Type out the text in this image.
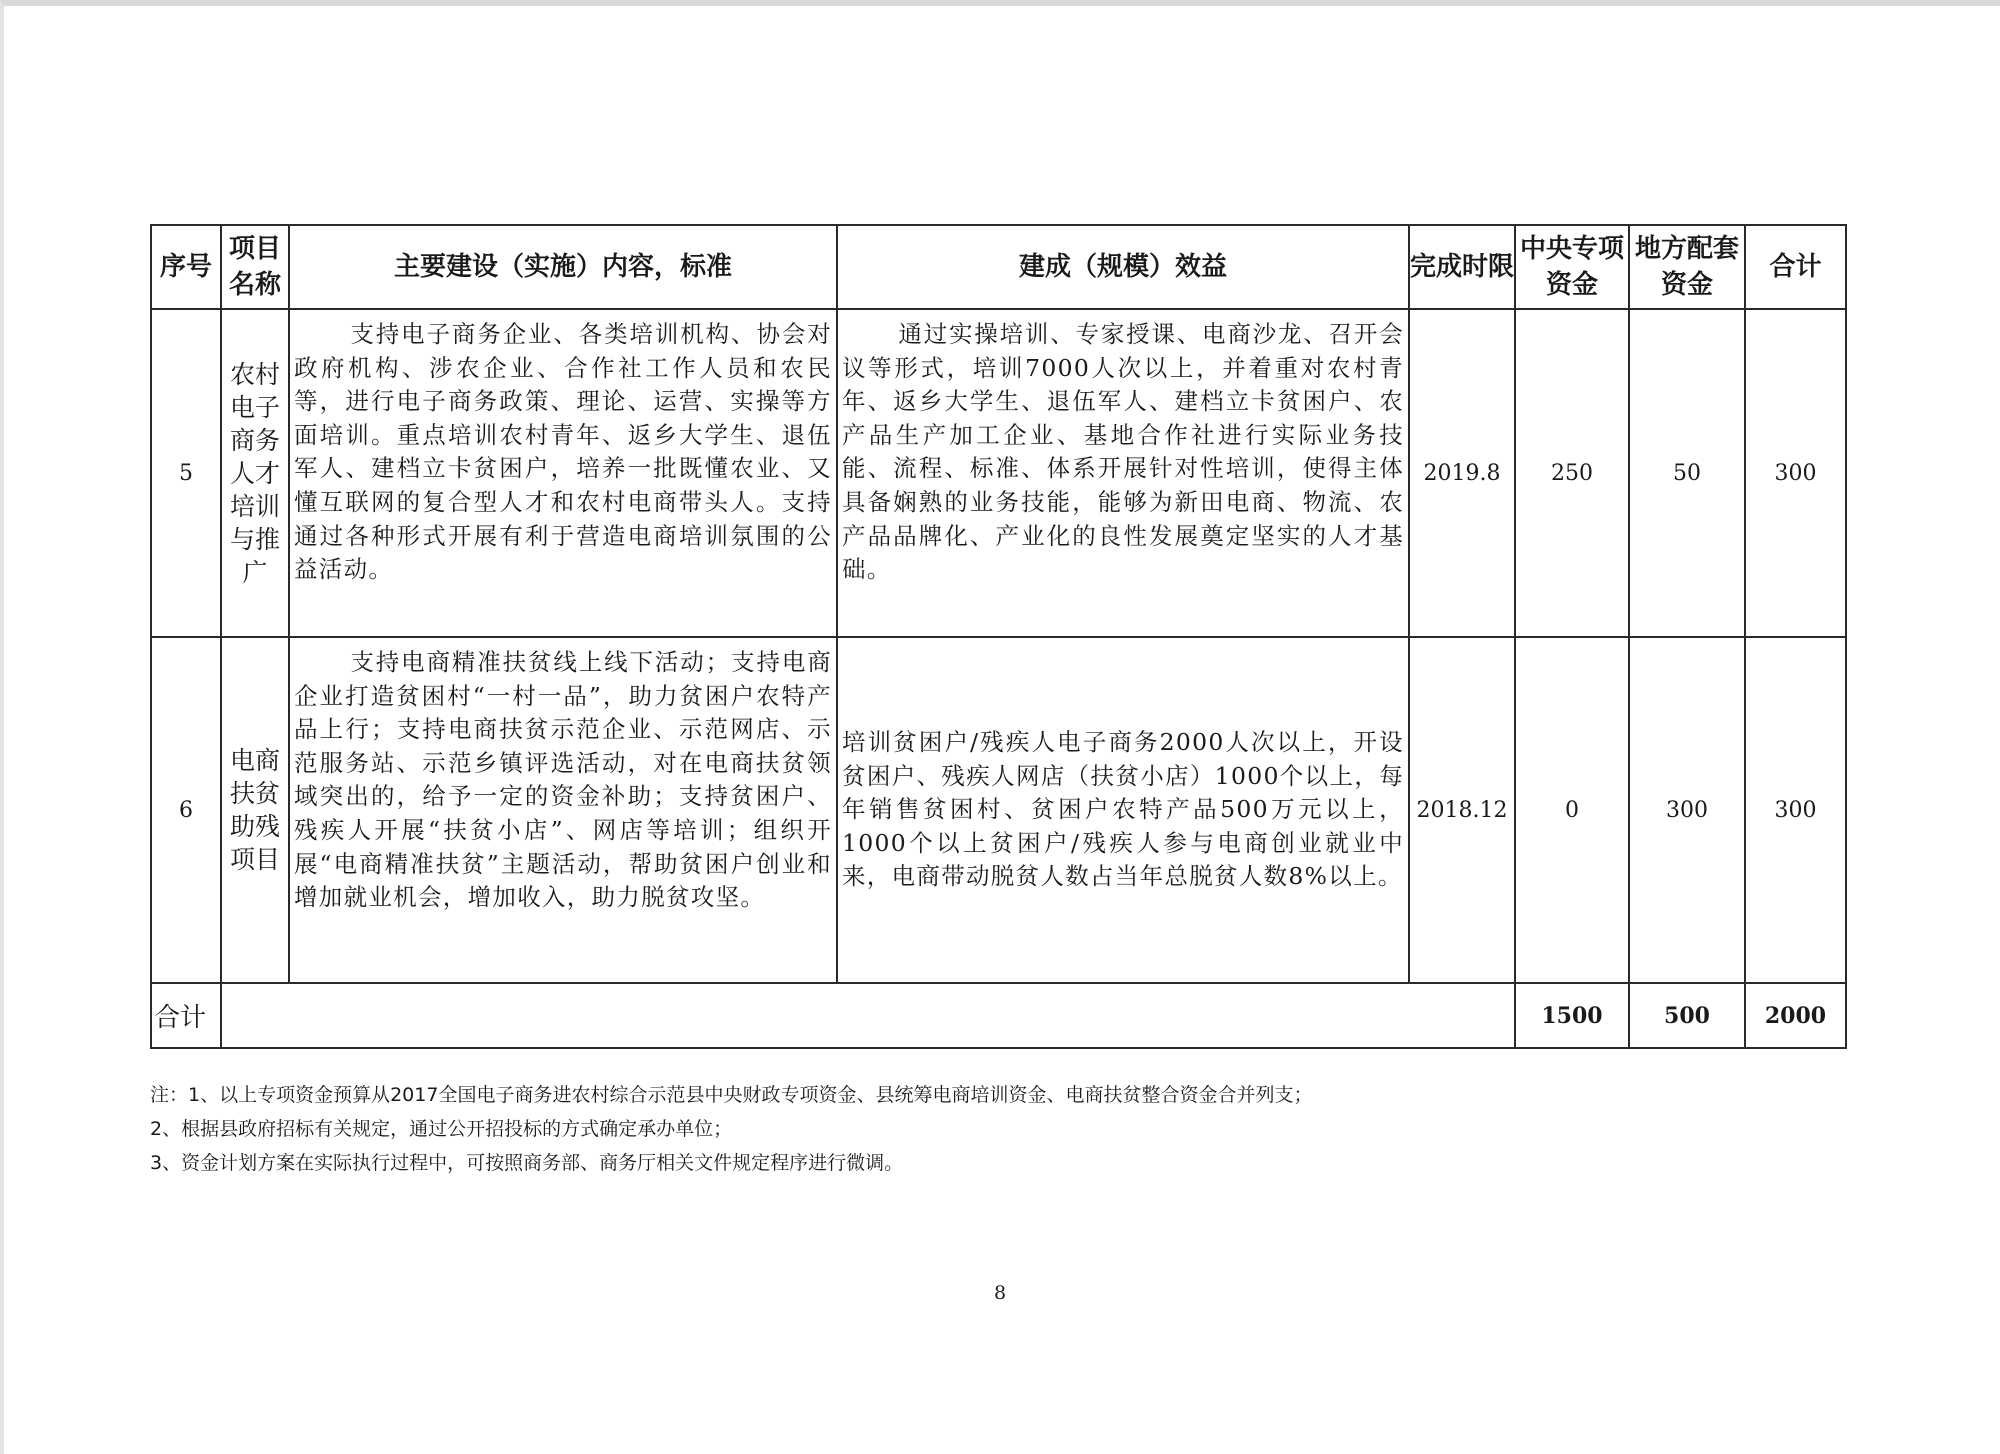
序号	项目名称	主要建设（实施）内容，标准	建成（规模）效益	完成时限	中央专项资金	地方配套资金	合计
5	农村电子商务人才培训与推广	支持电子商务企业、各类培训机构、协会对政府机构、涉农企业、合作社工作人员和农民等，进行电子商务政策、理论、运营、实操等方面培训。重点培训农村青年、返乡大学生、退伍军人、建档立卡贫困户，培养一批既懂农业、又懂互联网的复合型人才和农村电商带头人。支持通过各种形式开展有利于营造电商培训氛围的公益活动。	通过实操培训、专家授课、电商沙龙、召开会议等形式，培训7000人次以上，并着重对农村青年、返乡大学生、退伍军人、建档立卡贫困户、农产品生产加工企业、基地合作社进行实际业务技能、流程、标准、体系开展针对性培训，使得主体具备娴熟的业务技能，能够为新田电商、物流、农产品品牌化、产业化的良性发展奠定坚实的人才基础。	2019.8	250	50	300
6	电商扶贫助残项目	支持电商精准扶贫线上线下活动；支持电商企业打造贫困村“一村一品”，助力贫困户农特产品上行；支持电商扶贫示范企业、示范网店、示范服务站、示范乡镇评选活动，对在电商扶贫领域突出的，给予一定的资金补助；支持贫困户、残疾人开展“扶贫小店”、网店等培训；组织开展“电商精准扶贫”主题活动，帮助贫困户创业和增加就业机会，增加收入，助力脱贫攻坚。	培训贫困户/残疾人电子商务2000人次以上，开设贫困户、残疾人网店（扶贫小店）1000个以上，每年销售贫困村、贫困户农特产品500万元以上，1000个以上贫困户/残疾人参与电商创业就业中来，电商带动脱贫人数占当年总脱贫人数8%以上。	2018.12	0	300	300
合计					1500	500	2000
注：1、以上专项资金预算从2017全国电子商务进农村综合示范县中央财政专项资金、县统筹电商培训资金、电商扶贫整合资金合并列支；
2、根据县政府招标有关规定，通过公开招投标的方式确定承办单位；
3、资金计划方案在实际执行过程中，可按照商务部、商务厅相关文件规定程序进行微调。
8
